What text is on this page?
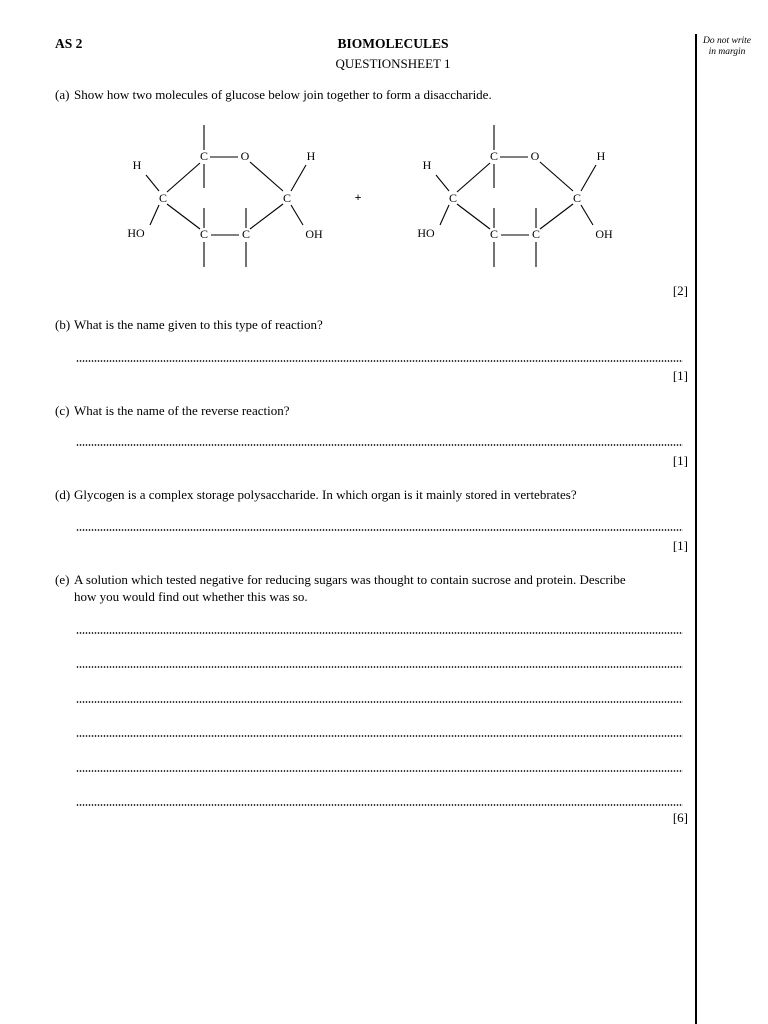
Do not write in margin
AS 2	BIOMOLECULES
QUESTIONSHEET 1
(a) Show how two molecules of glucose below join together to form a disaccharide.
C	O
C
C
C
C
H
HO
H
OH
+
C	O
C
C
C
C
H
HO
H
OH
[2]
(b) What is the name given to this type of reaction?
[1]
(c) What is the name of the reverse reaction?
[1]
(d) Glycogen is a complex storage polysaccharide. In which organ is it mainly stored in vertebrates?
[1]
(e) A solution which tested negative for reducing sugars was thought to contain sucrose and protein. Describe
how you would find out whether this was so.
[6]
